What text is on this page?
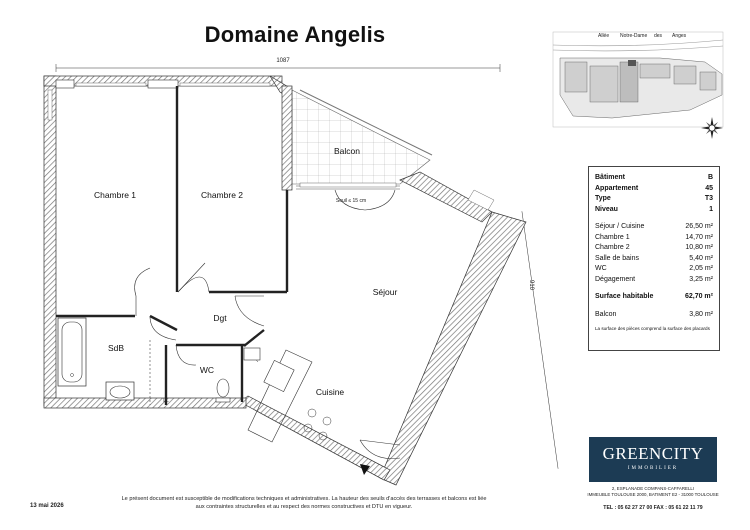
Domaine Angelis
1087
910
Chambre 1	Chambre 2
Balcon
Séjour
Dgt
SdB
WC
Cuisine
Seuil ≤ 15 cm
LL
Allée Notre-Dame des Anges
Bâtiment	B
Appartement	45
Type	T3
Niveau	1
Séjour / Cuisine	26,50 m²
Chambre 1	14,70 m²
Chambre 2	10,80 m²
Salle de bains	5,40 m²
WC	2,05 m²
Dégagement	3,25 m²
Surface habitable	62,70 m²
Balcon	3,80 m²
La surface des pièces comprend la surface des placards
GREENCITY
IMMOBILIER
2, ESPLANADE COMPANS-CAFFARELLI
IMMEUBLE TOULOUSE 2000, BATIMENT E2 - 31000 TOULOUSE
TEL : 05 62 27 27 00 FAX : 05 61 22 11 79
13 mai 2026
Le présent document est susceptible de modifications techniques et administratives. La hauteur des seuils d'accès des terrasses et balcons est liée
aux contraintes structurelles et au respect des normes constructives et DTU en vigueur.
